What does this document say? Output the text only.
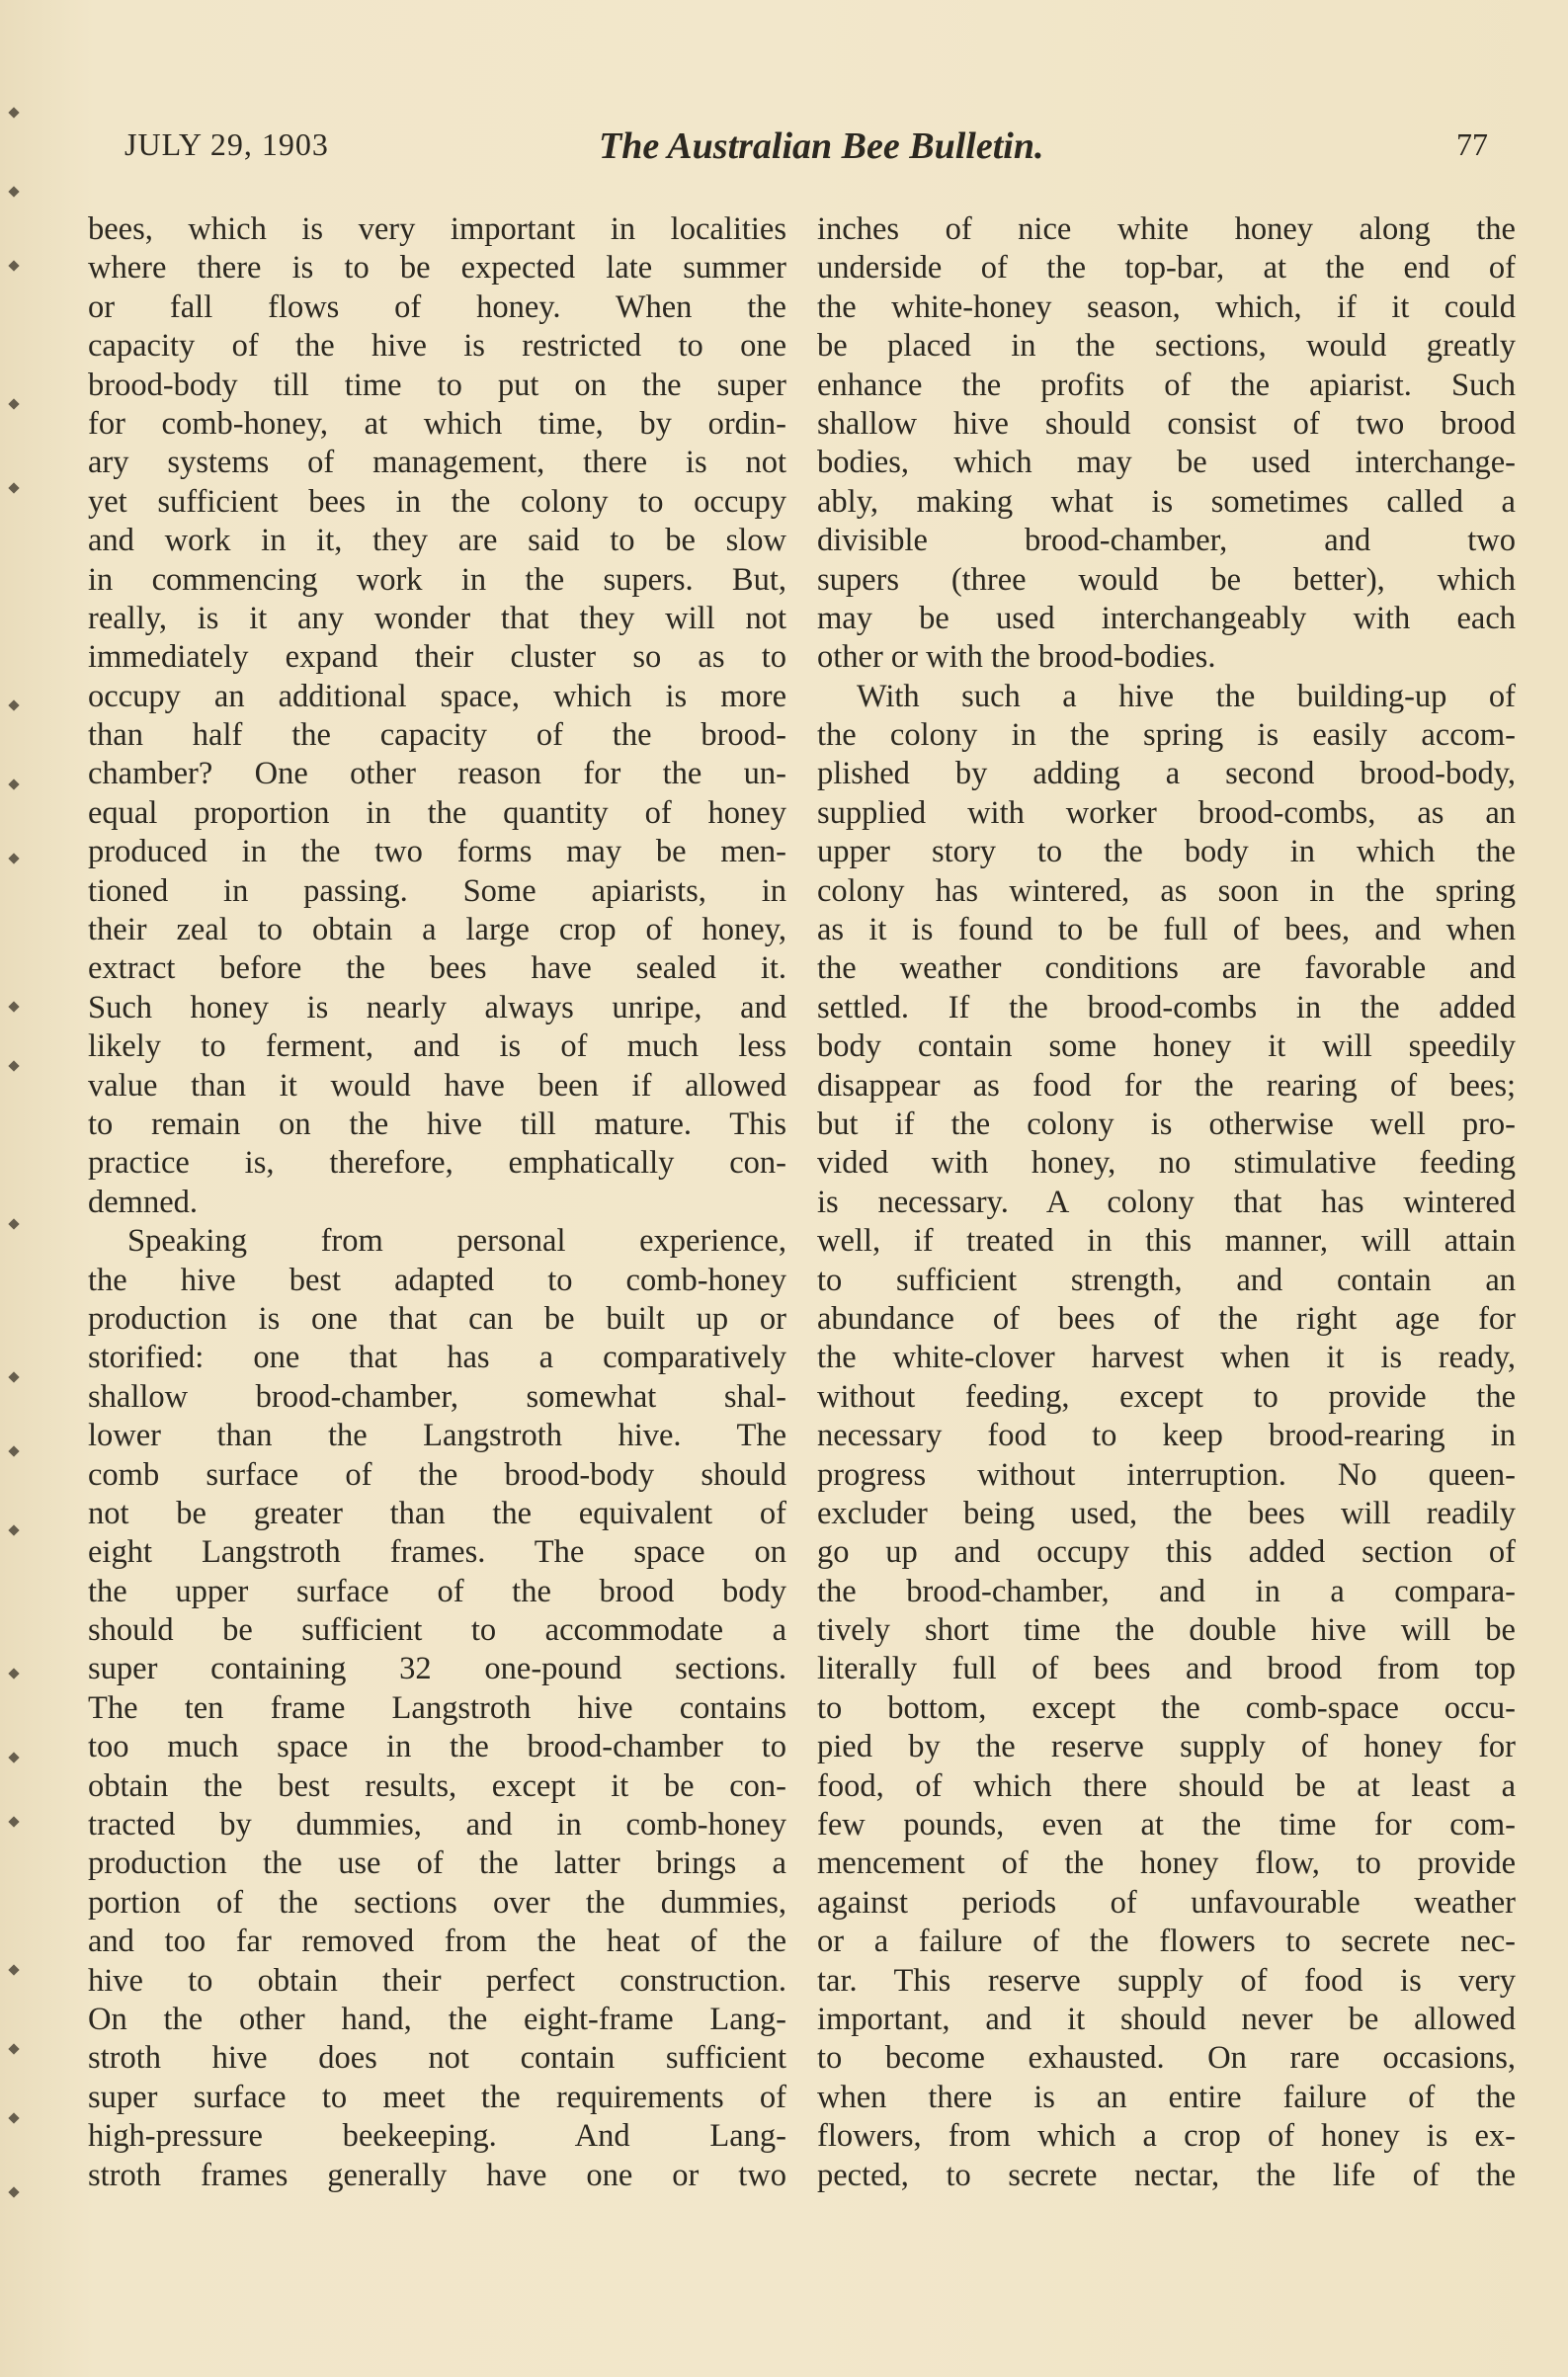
JULY 29, 1903	The Australian Bee Bulletin.	77
bees, which is very important in localities
where there is to be expected late summer
or fall flows of honey. When the
capacity of the hive is restricted to one
brood-body till time to put on the super
for comb-honey, at which time, by ordin-
ary systems of management, there is not
yet sufficient bees in the colony to occupy
and work in it, they are said to be slow
in commencing work in the supers. But,
really, is it any wonder that they will not
immediately expand their cluster so as to
occupy an additional space, which is more
than half the capacity of the brood-
chamber? One other reason for the un-
equal proportion in the quantity of honey
produced in the two forms may be men-
tioned in passing. Some apiarists, in
their zeal to obtain a large crop of honey,
extract before the bees have sealed it.
Such honey is nearly always unripe, and
likely to ferment, and is of much less
value than it would have been if allowed
to remain on the hive till mature. This
practice is, therefore, emphatically con-
demned.
Speaking from personal experience,
the hive best adapted to comb-honey
production is one that can be built up or
storified: one that has a comparatively
shallow brood-chamber, somewhat shal-
lower than the Langstroth hive. The
comb surface of the brood-body should
not be greater than the equivalent of
eight Langstroth frames. The space on
the upper surface of the brood body
should be sufficient to accommodate a
super containing 32 one-pound sections.
The ten frame Langstroth hive contains
too much space in the brood-chamber to
obtain the best results, except it be con-
tracted by dummies, and in comb-honey
production the use of the latter brings a
portion of the sections over the dummies,
and too far removed from the heat of the
hive to obtain their perfect construction.
On the other hand, the eight-frame Lang-
stroth hive does not contain sufficient
super surface to meet the requirements of
high-pressure beekeeping. And Lang-
stroth frames generally have one or two
inches of nice white honey along the
underside of the top-bar, at the end of
the white-honey season, which, if it could
be placed in the sections, would greatly
enhance the profits of the apiarist. Such
shallow hive should consist of two brood
bodies, which may be used interchange-
ably, making what is sometimes called a
divisible brood-chamber, and two
supers (three would be better), which
may be used interchangeably with each
other or with the brood-bodies.
With such a hive the building-up of
the colony in the spring is easily accom-
plished by adding a second brood-body,
supplied with worker brood-combs, as an
upper story to the body in which the
colony has wintered, as soon in the spring
as it is found to be full of bees, and when
the weather conditions are favorable and
settled. If the brood-combs in the added
body contain some honey it will speedily
disappear as food for the rearing of bees;
but if the colony is otherwise well pro-
vided with honey, no stimulative feeding
is necessary. A colony that has wintered
well, if treated in this manner, will attain
to sufficient strength, and contain an
abundance of bees of the right age for
the white-clover harvest when it is ready,
without feeding, except to provide the
necessary food to keep brood-rearing in
progress without interruption. No queen-
excluder being used, the bees will readily
go up and occupy this added section of
the brood-chamber, and in a compara-
tively short time the double hive will be
literally full of bees and brood from top
to bottom, except the comb-space occu-
pied by the reserve supply of honey for
food, of which there should be at least a
few pounds, even at the time for com-
mencement of the honey flow, to provide
against periods of unfavourable weather
or a failure of the flowers to secrete nec-
tar. This reserve supply of food is very
important, and it should never be allowed
to become exhausted. On rare occasions,
when there is an entire failure of the
flowers, from which a crop of honey is ex-
pected, to secrete nectar, the life of the
